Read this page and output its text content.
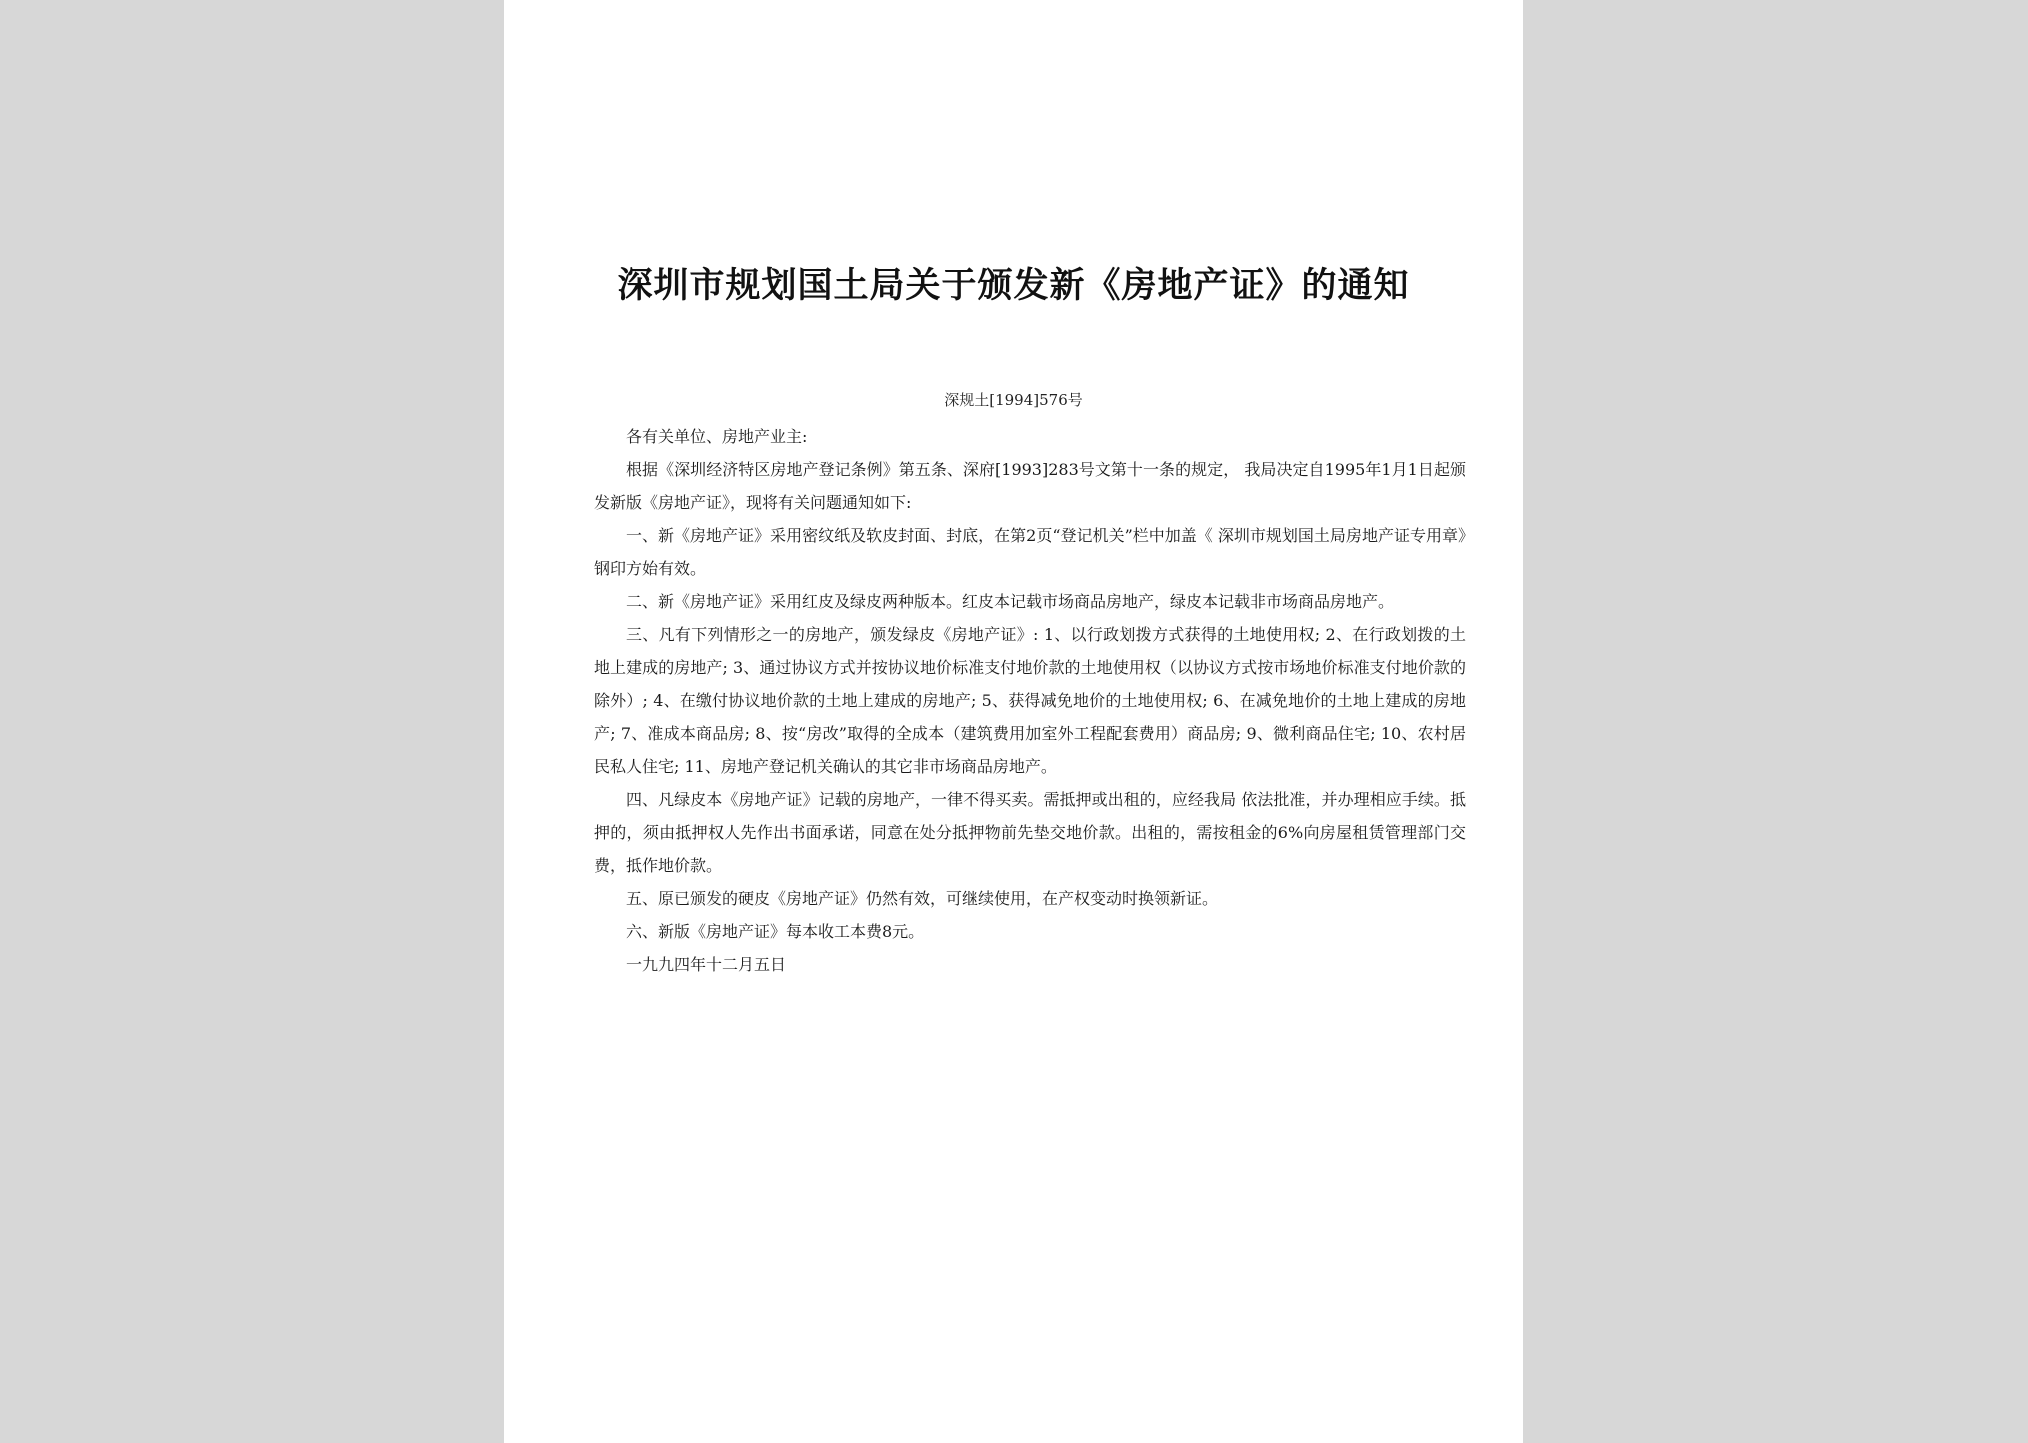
深圳市规划国土局关于颁发新《房地产证》的通知
深规土[1994]576号

各有关单位、房地产业主:

根据《深圳经济特区房地产登记条例》第五条、深府[1993]283号文第十一条的规定， 我局决定自1995年1月1日起颁发新版《房地产证》，现将有关问题通知如下:

一、新《房地产证》采用密纹纸及软皮封面、封底，在第2页“登记机关”栏中加盖《 深圳市规划国土局房地产证专用章》钢印方始有效。

二、新《房地产证》采用红皮及绿皮两种版本。红皮本记载市场商品房地产，绿皮本记载非市场商品房地产。

三、凡有下列情形之一的房地产，颁发绿皮《房地产证》: 1、以行政划拨方式获得的土地使用权; 2、在行政划拨的土地上建成的房地产; 3、通过协议方式并按协议地价标准支付地价款的土地使用权（以协议方式按市场地价标准支付地价款的除外）; 4、在缴付协议地价款的土地上建成的房地产; 5、获得减免地价的土地使用权; 6、在减免地价的土地上建成的房地产; 7、准成本商品房; 8、按“房改”取得的全成本（建筑费用加室外工程配套费用）商品房; 9、微利商品住宅; 10、农村居民私人住宅; 11、房地产登记机关确认的其它非市场商品房地产。

四、凡绿皮本《房地产证》记载的房地产，一律不得买卖。需抵押或出租的，应经我局 依法批准，并办理相应手续。抵押的，须由抵押权人先作出书面承诺，同意在处分抵押物前先垫交地价款。出租的，需按租金的6%向房屋租赁管理部门交费，抵作地价款。

五、原已颁发的硬皮《房地产证》仍然有效，可继续使用，在产权变动时换领新证。

六、新版《房地产证》每本收工本费8元。

一九九四年十二月五日
